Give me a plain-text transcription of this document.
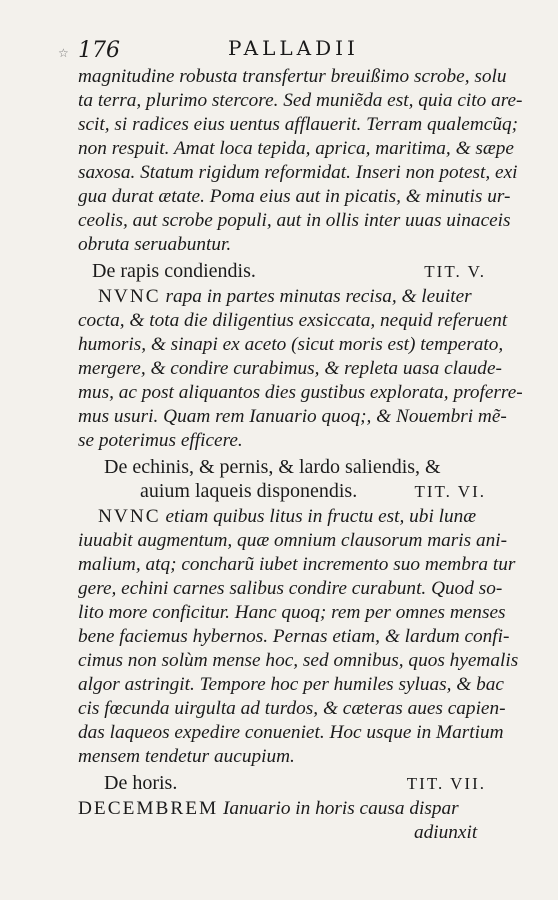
☆ 176	PALLADII
magnitudine robusta transfertur breuißimo scrobe, solu
ta terra, plurimo stercore. Sed muniẽda est, quia cito are-
scit, si radices eius uentus afflauerit. Terram qualemcũq;
non respuit. Amat loca tepida, aprica, maritima, & sæpe
saxosa. Statum rigidum reformidat. Inseri non potest, exi
gua durat ætate. Poma eius aut in picatis, & minutis ur-
ceolis, aut scrobe populi, aut in ollis inter uuas uinaceis
obruta seruabuntur.
De rapis condiendis.	TIT. V.
NVNC rapa in partes minutas recisa, & leuiter
cocta, & tota die diligentius exsiccata, nequid referuent
humoris, & sinapi ex aceto (sicut moris est) temperato,
mergere, & condire curabimus, & repleta uasa claude-
mus, ac post aliquantos dies gustibus explorata, proferre-
mus usuri. Quam rem Ianuario quoq;, & Nouembri mẽ-
se poterimus efficere.
De echinis, & pernis, & lardo saliendis, &
auium laqueis disponendis.	TIT. VI.
NVNC etiam quibus litus in fructu est, ubi lunæ
iuuabit augmentum, quæ omnium clausorum maris ani-
malium, atq; concharũ iubet incremento suo membra tur
gere, echini carnes salibus condire curabunt. Quod so-
lito more conficitur. Hanc quoq; rem per omnes menses
bene faciemus hybernos. Pernas etiam, & lardum confi-
cimus non solùm mense hoc, sed omnibus, quos hyemalis
algor astringit. Tempore hoc per humiles syluas, & bac
cis fœcunda uirgulta ad turdos, & cæteras aues capien-
das laqueos expedire conueniet. Hoc usque in Martium
mensem tendetur aucupium.
De horis.	TIT. VII.
DECEMBREM Ianuario in horis causa dispar
adiunxit
